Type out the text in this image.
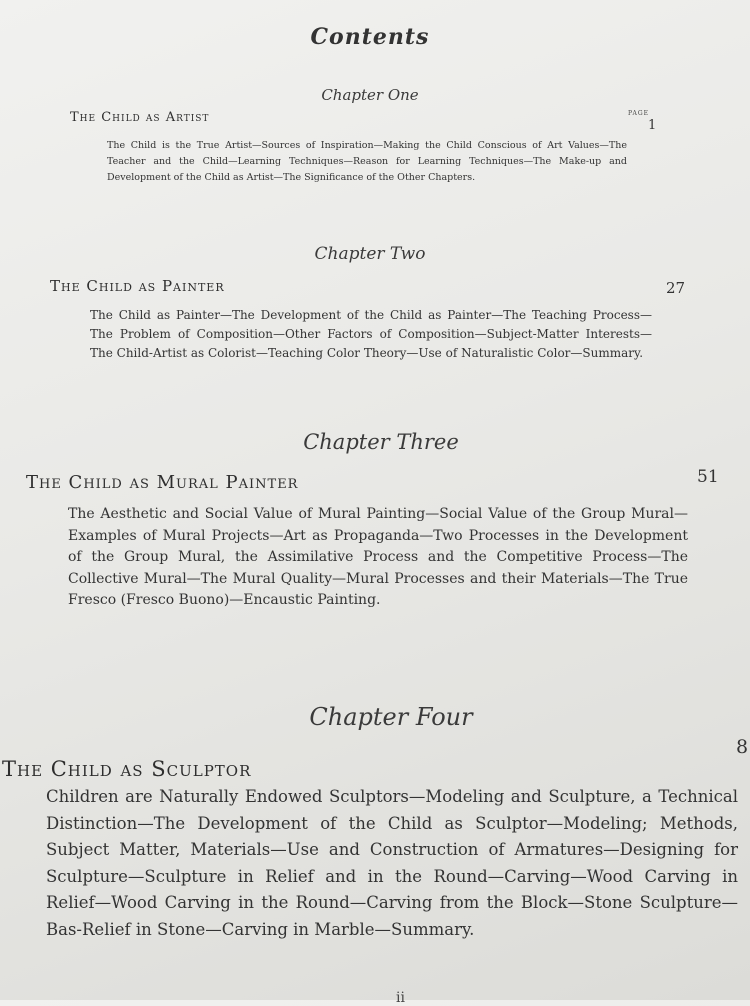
Contents
Chapter One
PAGE
The Child as Artist
1
The Child is the True Artist—Sources of Inspiration—Making the Child Conscious of Art Values—The Teacher and the Child—Learning Techniques—Reason for Learning Techniques—The Make-up and Development of the Child as Artist—The Significance of the Other Chapters.
Chapter Two
The Child as Painter	27
The Child as Painter—The Development of the Child as Painter—The Teaching Process—The Problem of Composition—Other Factors of Composition—Subject-Matter Interests—The Child-Artist as Colorist—Teaching Color Theory—Use of Naturalistic Color—Summary.
Chapter Three
The Child as Mural Painter	51
The Aesthetic and Social Value of Mural Painting—Social Value of the Group Mural—Examples of Mural Projects—Art as Propaganda—Two Processes in the Development of the Group Mural, the Assimilative Process and the Competitive Process—The Collective Mural—The Mural Quality—Mural Processes and their Materials—The True Fresco (Fresco Buono)—Encaustic Painting.
Chapter Four
The Child as Sculptor
8
Children are Naturally Endowed Sculptors—Modeling and Sculpture, a Technical Distinction—The Development of the Child as Sculptor—Modeling; Methods, Subject Matter, Materials—Use and Construction of Armatures—Designing for Sculpture—Sculpture in Relief and in the Round—Carving—Wood Carving in Relief—Wood Carving in the Round—Carving from the Block—Stone Sculpture—Bas-Relief in Stone—Carving in Marble—Summary.
ii
